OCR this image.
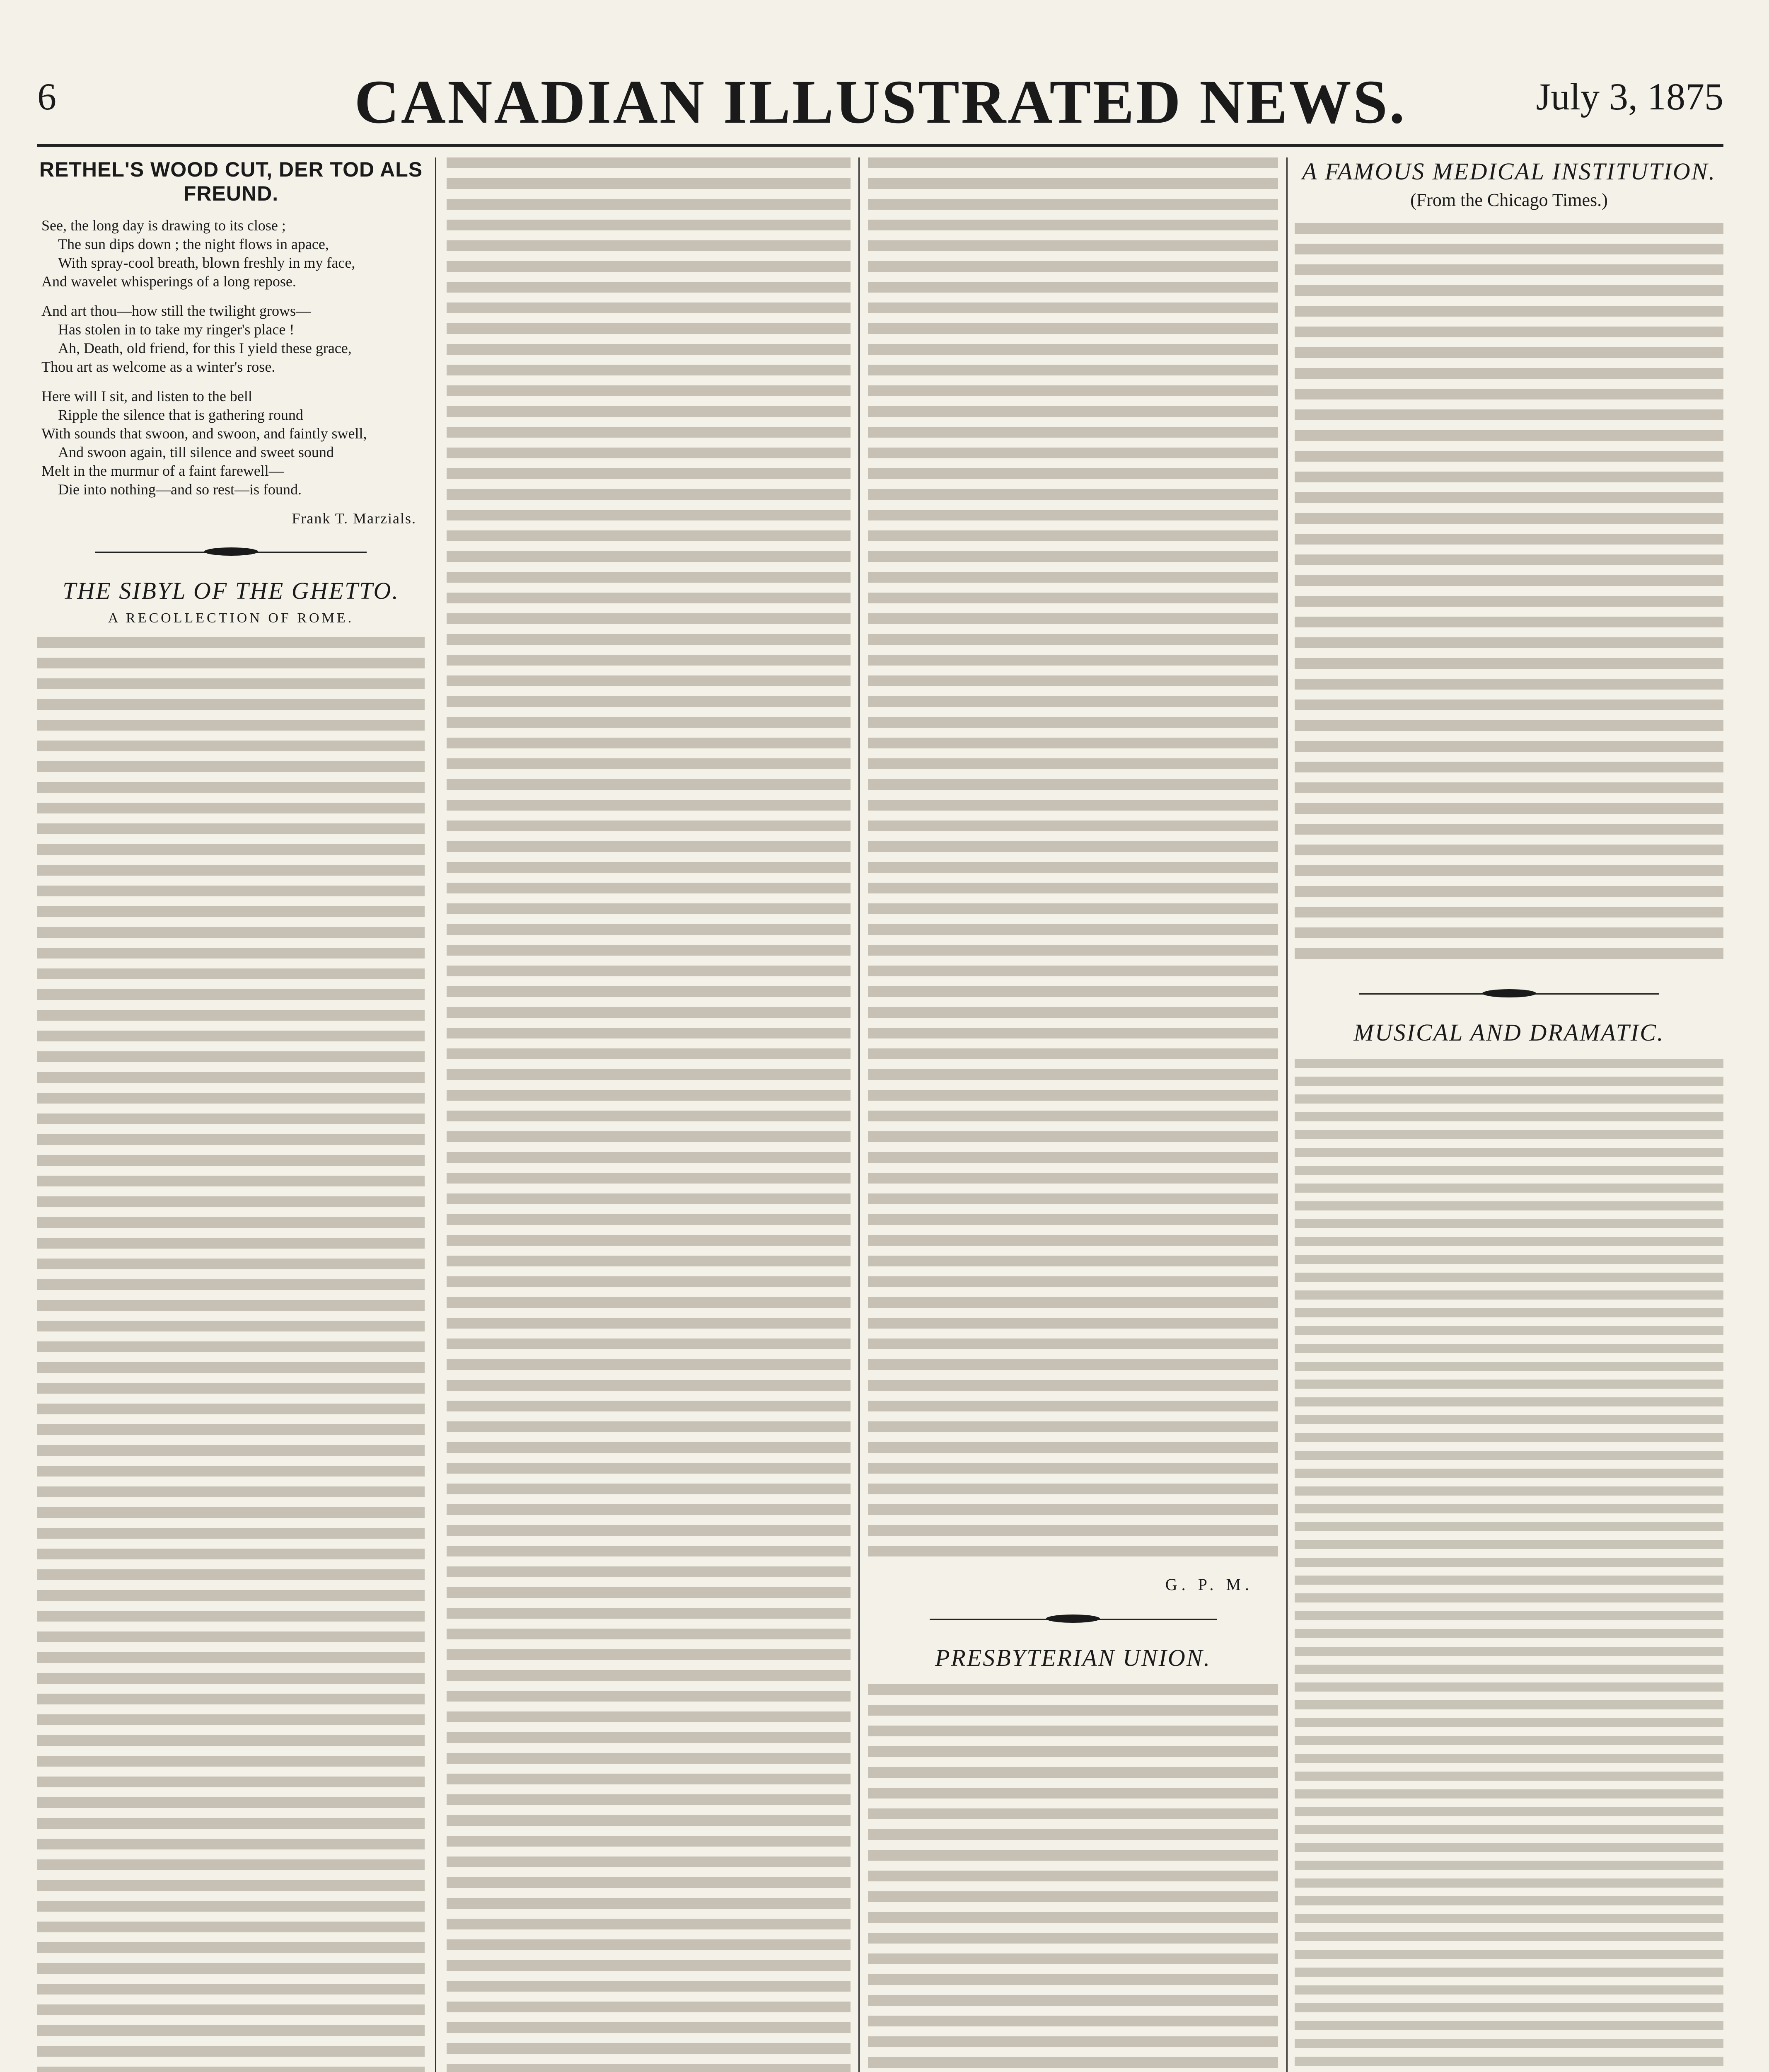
6	CANADIAN ILLUSTRATED NEWS.	July 3, 1875
RETHEL'S WOOD CUT, DER TOD ALS FREUND.
See, the long day is drawing to its close ;
The sun dips down ; the night flows in apace,
With spray-cool breath, blown freshly in my face,
And wavelet whisperings of a long repose.
And art thou—how still the twilight grows—
Has stolen in to take my ringer's place !
Ah, Death, old friend, for this I yield these grace,
Thou art as welcome as a winter's rose.
Here will I sit, and listen to the bell
Ripple the silence that is gathering round
With sounds that swoon, and swoon, and faintly swell,
And swoon again, till silence and sweet sound
Melt in the murmur of a faint farewell—
Die into nothing—and so rest—is found.
Frank T. Marzials.
THE SIBYL OF THE GHETTO.
A RECOLLECTION OF ROME.

G. P. M.
PRESBYTERIAN UNION.

A FAMOUS MEDICAL INSTITUTION.
(From the Chicago Times.)

MUSICAL AND DRAMATIC.
